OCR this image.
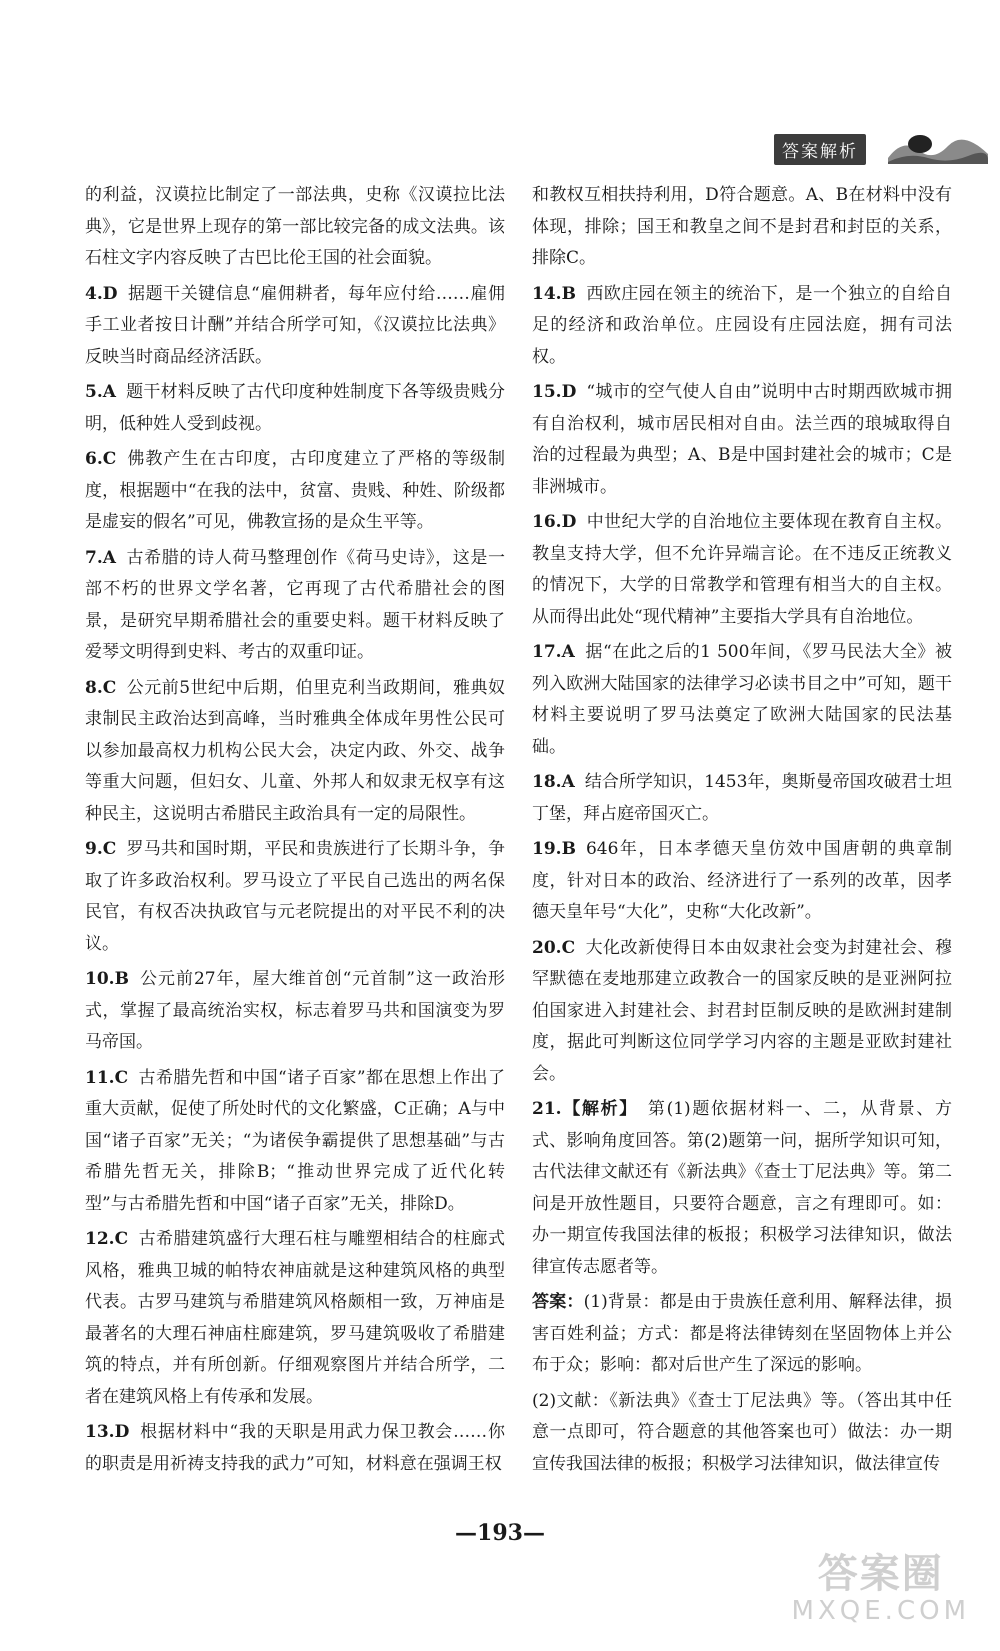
答案解析

的利益，汉谟拉比制定了一部法典，史称《汉谟拉比法典》，它是世界上现存的第一部比较完备的成文法典。该石柱文字内容反映了古巴比伦王国的社会面貌。

4.D 据题干关键信息“雇佣耕者，每年应付给……雇佣手工业者按日计酬”并结合所学可知，《汉谟拉比法典》反映当时商品经济活跃。

5.A 题干材料反映了古代印度种姓制度下各等级贵贱分明，低种姓人受到歧视。

6.C 佛教产生在古印度，古印度建立了严格的等级制度，根据题中“在我的法中，贫富、贵贱、种姓、阶级都是虚妄的假名”可见，佛教宣扬的是众生平等。

7.A 古希腊的诗人荷马整理创作《荷马史诗》，这是一部不朽的世界文学名著，它再现了古代希腊社会的图景，是研究早期希腊社会的重要史料。题干材料反映了爱琴文明得到史料、考古的双重印证。

8.C 公元前5世纪中后期，伯里克利当政期间，雅典奴隶制民主政治达到高峰，当时雅典全体成年男性公民可以参加最高权力机构公民大会，决定内政、外交、战争等重大问题，但妇女、儿童、外邦人和奴隶无权享有这种民主，这说明古希腊民主政治具有一定的局限性。

9.C 罗马共和国时期，平民和贵族进行了长期斗争，争取了许多政治权利。罗马设立了平民自己选出的两名保民官，有权否决执政官与元老院提出的对平民不利的决议。

10.B 公元前27年，屋大维首创“元首制”这一政治形式，掌握了最高统治实权，标志着罗马共和国演变为罗马帝国。

11.C 古希腊先哲和中国“诸子百家”都在思想上作出了重大贡献，促使了所处时代的文化繁盛，C正确；A与中国“诸子百家”无关；“为诸侯争霸提供了思想基础”与古希腊先哲无关，排除B；“推动世界完成了近代化转型”与古希腊先哲和中国“诸子百家”无关，排除D。

12.C 古希腊建筑盛行大理石柱与雕塑相结合的柱廊式风格，雅典卫城的帕特农神庙就是这种建筑风格的典型代表。古罗马建筑与希腊建筑风格颇相一致，万神庙是最著名的大理石神庙柱廊建筑，罗马建筑吸收了希腊建筑的特点，并有所创新。仔细观察图片并结合所学，二者在建筑风格上有传承和发展。

13.D 根据材料中“我的天职是用武力保卫教会……你的职责是用祈祷支持我的武力”可知，材料意在强调王权

和教权互相扶持利用，D符合题意。A、B在材料中没有体现，排除；国王和教皇之间不是封君和封臣的关系，排除C。

14.B 西欧庄园在领主的统治下，是一个独立的自给自足的经济和政治单位。庄园设有庄园法庭，拥有司法权。

15.D “城市的空气使人自由”说明中古时期西欧城市拥有自治权利，城市居民相对自由。法兰西的琅城取得自治的过程最为典型；A、B是中国封建社会的城市；C是非洲城市。

16.D 中世纪大学的自治地位主要体现在教育自主权。教皇支持大学，但不允许异端言论。在不违反正统教义的情况下，大学的日常教学和管理有相当大的自主权。从而得出此处“现代精神”主要指大学具有自治地位。

17.A 据“在此之后的1 500年间，《罗马民法大全》被列入欧洲大陆国家的法律学习必读书目之中”可知，题干材料主要说明了罗马法奠定了欧洲大陆国家的民法基础。

18.A 结合所学知识，1453年，奥斯曼帝国攻破君士坦丁堡，拜占庭帝国灭亡。

19.B 646年，日本孝德天皇仿效中国唐朝的典章制度，针对日本的政治、经济进行了一系列的改革，因孝德天皇年号“大化”，史称“大化改新”。

20.C 大化改新使得日本由奴隶社会变为封建社会、穆罕默德在麦地那建立政教合一的国家反映的是亚洲阿拉伯国家进入封建社会、封君封臣制反映的是欧洲封建制度，据此可判断这位同学学习内容的主题是亚欧封建社会。

21.【解析】 第(1)题依据材料一、二，从背景、方式、影响角度回答。第(2)题第一问，据所学知识可知，古代法律文献还有《新法典》《查士丁尼法典》等。第二问是开放性题目，只要符合题意，言之有理即可。如：办一期宣传我国法律的板报；积极学习法律知识，做法律宣传志愿者等。

答案：(1)背景：都是由于贵族任意利用、解释法律，损害百姓利益；方式：都是将法律铸刻在坚固物体上并公布于众；影响：都对后世产生了深远的影响。

(2)文献：《新法典》《查士丁尼法典》等。（答出其中任意一点即可，符合题意的其他答案也可）做法：办一期宣传我国法律的板报；积极学习法律知识，做法律宣传

—193—
答案圈
MXQE.COM
